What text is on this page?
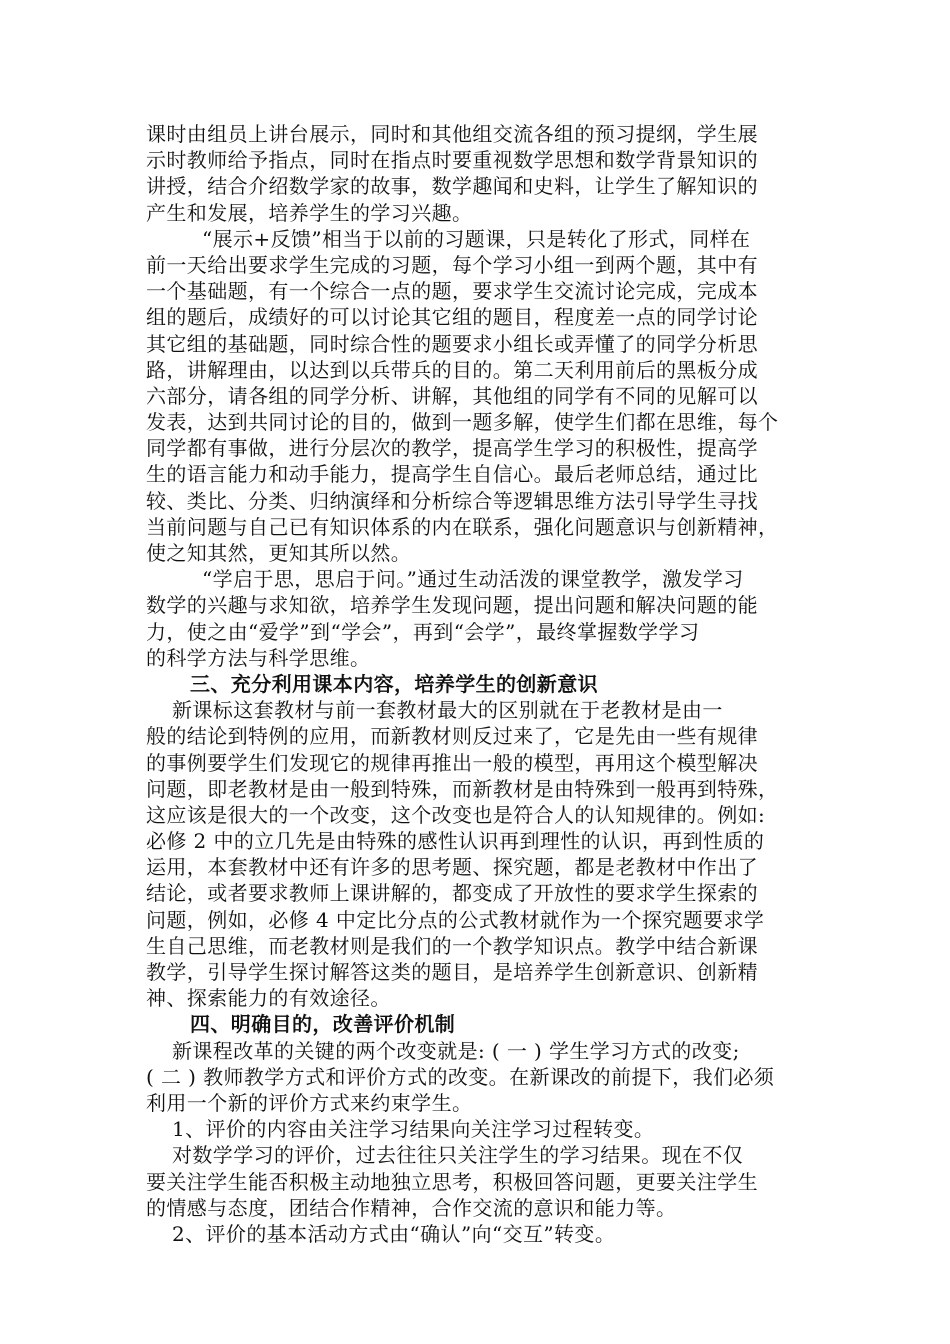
课时由组员上讲台展示，同时和其他组交流各组的预习提纲，学生展
示时教师给予指点，同时在指点时要重视数学思想和数学背景知识的
讲授，结合介绍数学家的故事，数学趣闻和史料，让学生了解知识的
产生和发展，培养学生的学习兴趣。
“展示+反馈”相当于以前的习题课，只是转化了形式，同样在
前一天给出要求学生完成的习题，每个学习小组一到两个题，其中有
一个基础题，有一个综合一点的题，要求学生交流讨论完成，完成本
组的题后，成绩好的可以讨论其它组的题目，程度差一点的同学讨论
其它组的基础题，同时综合性的题要求小组长或弄懂了的同学分析思
路，讲解理由，以达到以兵带兵的目的。第二天利用前后的黑板分成
六部分，请各组的同学分析、讲解，其他组的同学有不同的见解可以
发表，达到共同讨论的目的，做到一题多解，使学生们都在思维，每个
同学都有事做，进行分层次的教学，提高学生学习的积极性，提高学
生的语言能力和动手能力，提高学生自信心。最后老师总结，通过比
较、类比、分类、归纳演绎和分析综合等逻辑思维方法引导学生寻找
当前问题与自己已有知识体系的内在联系，强化问题意识与创新精神，
使之知其然，更知其所以然。
“学启于思，思启于问。”通过生动活泼的课堂教学，激发学习
数学的兴趣与求知欲，培养学生发现问题，提出问题和解决问题的能
力，使之由“爱学”到“学会”，再到“会学”，最终掌握数学学习
的科学方法与科学思维。
三、充分利用课本内容，培养学生的创新意识
新课标这套教材与前一套教材最大的区别就在于老教材是由一
般的结论到特例的应用，而新教材则反过来了，它是先由一些有规律
的事例要学生们发现它的规律再推出一般的模型，再用这个模型解决
问题，即老教材是由一般到特殊，而新教材是由特殊到一般再到特殊，
这应该是很大的一个改变，这个改变也是符合人的认知规律的。例如:
必修 2 中的立几先是由特殊的感性认识再到理性的认识，再到性质的
运用，本套教材中还有许多的思考题、探究题，都是老教材中作出了
结论，或者要求教师上课讲解的，都变成了开放性的要求学生探索的
问题，例如，必修 4 中定比分点的公式教材就作为一个探究题要求学
生自己思维，而老教材则是我们的一个教学知识点。教学中结合新课
教学，引导学生探讨解答这类的题目，是培养学生创新意识、创新精
神、探索能力的有效途径。
四、明确目的，改善评价机制
新课程改革的关键的两个改变就是: ( 一 ) 学生学习方式的改变;
( 二 ) 教师教学方式和评价方式的改变。在新课改的前提下，我们必须
利用一个新的评价方式来约束学生。
1、评价的内容由关注学习结果向关注学习过程转变。
对数学学习的评价，过去往往只关注学生的学习结果。现在不仅
要关注学生能否积极主动地独立思考，积极回答问题，更要关注学生
的情感与态度，团结合作精神，合作交流的意识和能力等。
2、评价的基本活动方式由“确认”向“交互”转变。
